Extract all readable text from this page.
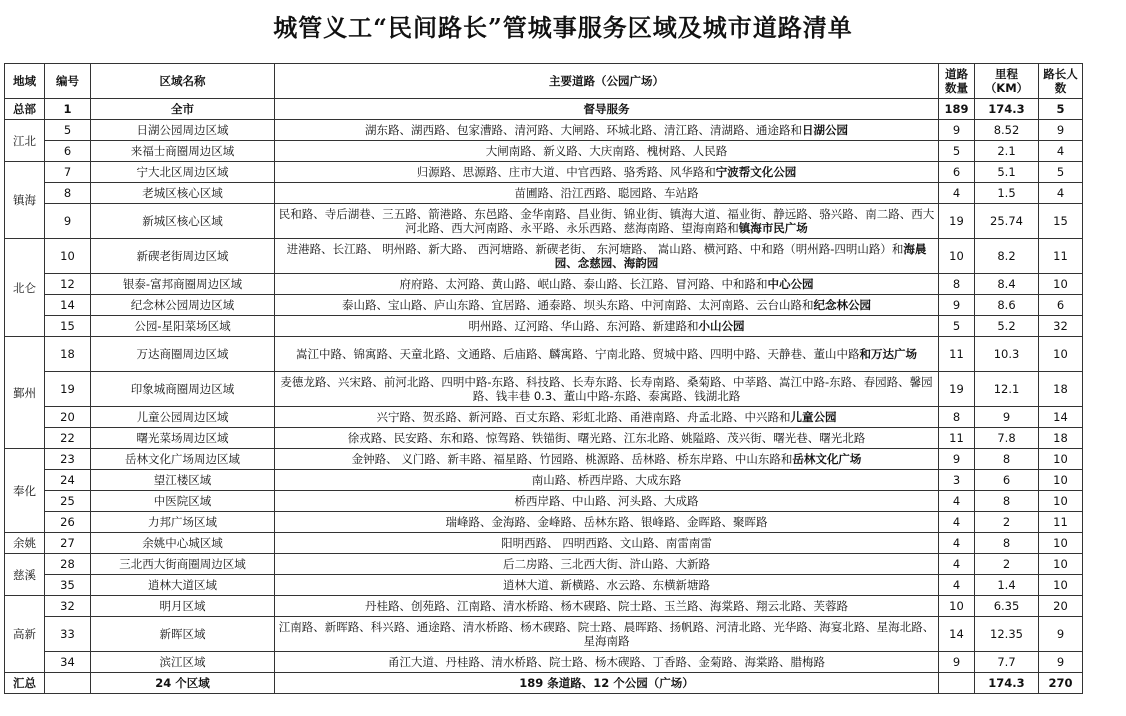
城管义工“民间路长”管城事服务区域及城市道路清单
地域	编号	区域名称	主要道路（公园广场）	道路数量	里程（KM）	路长人数
总部	1	全市	督导服务	189	174.3	5
江北	5	日湖公园周边区域	湖东路、湖西路、包家漕路、清河路、大闸路、环城北路、清江路、清湖路、通途路和日湖公园	9	8.52	9
	6	来福士商圈周边区域	大闸南路、新义路、大庆南路、槐树路、人民路	5	2.1	4
镇海	7	宁大北区周边区域	归源路、思源路、庄市大道、中官西路、骆秀路、风华路和宁波帮文化公园	6	5.1	5
	8	老城区核心区域	苗圃路、沿江西路、聪园路、车站路	4	1.5	4
	9	新城区核心区域	民和路、寺后湖巷、三五路、箭港路、东邑路、金华南路、昌业街、锦业街、镇海大道、福业街、静远路、骆兴路、南二路、西大河北路、西大河南路、永平路、永乐西路、慈海南路、望海南路和镇海市民广场	19	25.74	15
北仑	10	新碶老街周边区域	进港路、长江路、 明州路、新大路、 西河塘路、新碶老街、 东河塘路、 嵩山路、横河路、中和路（明州路-四明山路）和海晨园、念慈园、海韵园	10	8.2	11
	12	银泰-富邦商圈周边区域	府府路、太河路、黄山路、岷山路、泰山路、长江路、冒河路、中和路和中心公园	8	8.4	10
	14	纪念林公园周边区域	泰山路、宝山路、庐山东路、宜居路、通泰路、坝头东路、中河南路、太河南路、云台山路和纪念林公园	9	8.6	6
	15	公园-星阳菜场区域	明州路、辽河路、华山路、东河路、新建路和小山公园	5	5.2	32
鄞州	18	万达商圈周边区域	嵩江中路、锦寓路、天童北路、文通路、后庙路、麟寓路、宁南北路、贸城中路、四明中路、天静巷、董山中路和万达广场	11	10.3	10
	19	印象城商圈周边区域	麦德龙路、兴宋路、前河北路、四明中路-东路、科技路、长寿东路、长寿南路、桑菊路、中莘路、嵩江中路-东路、春园路、馨园路、钱丰巷 0.3、董山中路-东路、泰寓路、钱湖北路	19	12.1	18
	20	儿童公园周边区域	兴宁路、贺丞路、新河路、百丈东路、彩虹北路、甬港南路、舟孟北路、中兴路和儿童公园	8	9	14
	22	曙光菜场周边区域	徐戎路、民安路、东和路、惊驾路、铁锚街、曙光路、江东北路、姚隘路、茂兴街、曙光巷、曙光北路	11	7.8	18
奉化	23	岳林文化广场周边区域	金钟路、 义门路、新丰路、福星路、竹园路、桃源路、岳林路、桥东岸路、中山东路和岳林文化广场	9	8	10
	24	望江楼区域	南山路、桥西岸路、大成东路	3	6	10
	25	中医院区域	桥西岸路、中山路、河头路、大成路	4	8	10
	26	力邦广场区域	瑞峰路、金海路、金峰路、岳林东路、银峰路、金晖路、聚晖路	4	2	11
余姚	27	余姚中心城区域	阳明西路、 四明西路、文山路、南雷南雷	4	8	10
慈溪	28	三北西大街商圈周边区域	后二房路、三北西大街、浒山路、大新路	4	2	10
	35	逍林大道区域	逍林大道、新横路、水云路、东横新塘路	4	1.4	10
高新	32	明月区域	丹桂路、创苑路、江南路、清水桥路、杨木碶路、院士路、玉兰路、海棠路、翔云北路、芙蓉路	10	6.35	20
	33	新晖区域	江南路、新晖路、科兴路、通途路、清水桥路、杨木碶路、院士路、晨晖路、扬帆路、河清北路、光华路、海宴北路、星海北路、星海南路	14	12.35	9
	34	滨江区域	甬江大道、丹桂路、清水桥路、院士路、杨木碶路、丁香路、金菊路、海棠路、腊梅路	9	7.7	9
汇总		24 个区域	189 条道路、12 个公园（广场）		174.3	270
